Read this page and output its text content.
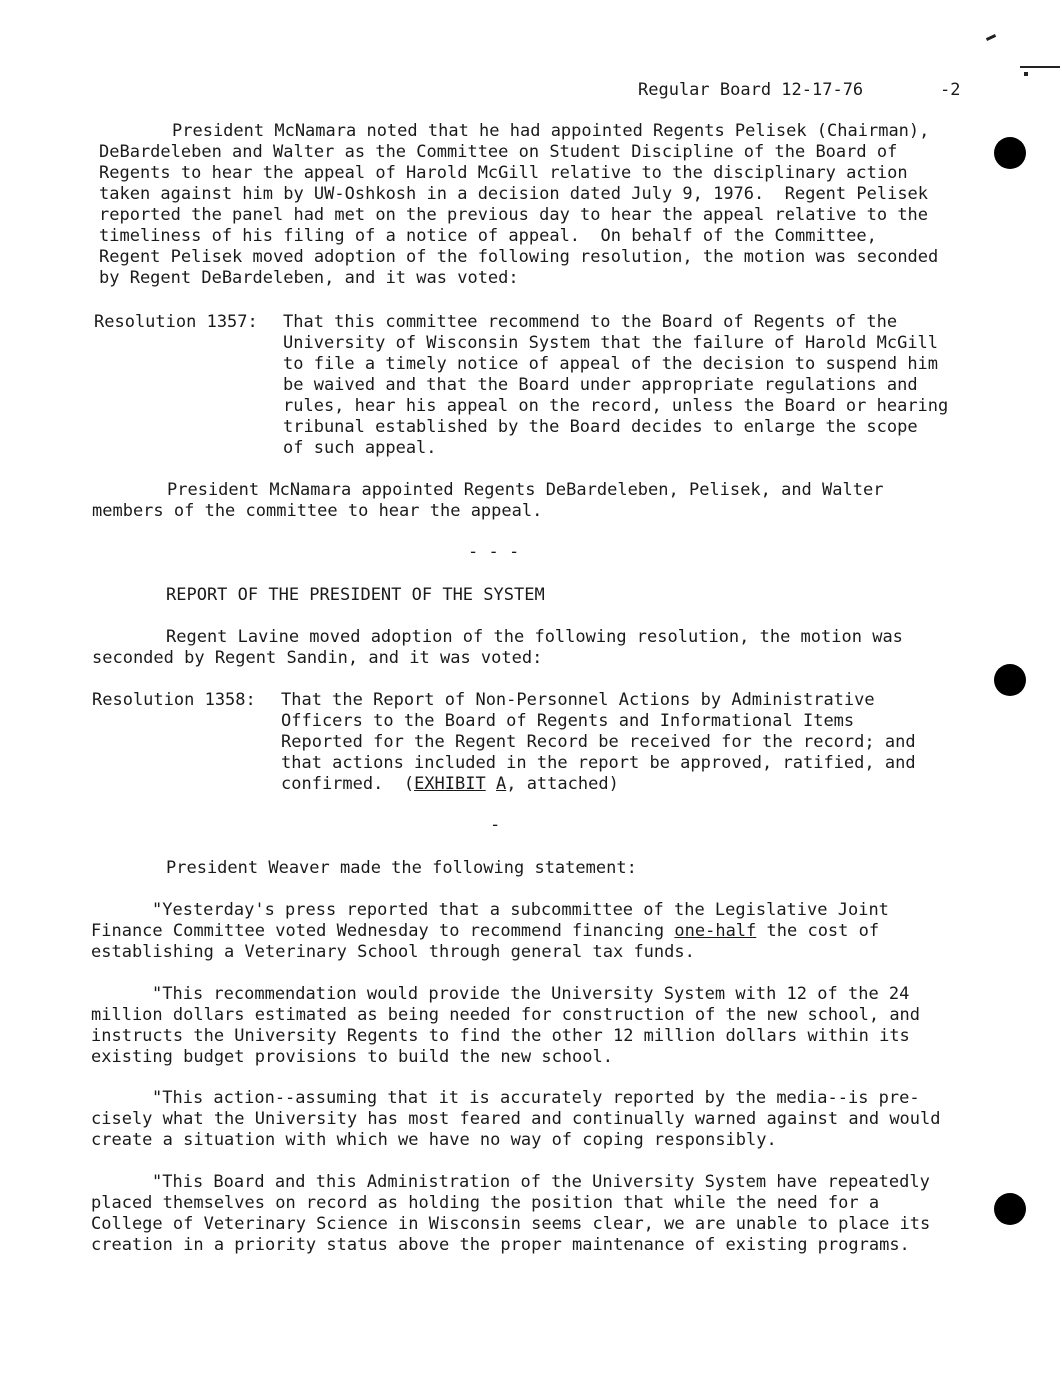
Regular Board 12-17-76	-2
President McNamara noted that he had appointed Regents Pelisek (Chairman),
DeBardeleben and Walter as the Committee on Student Discipline of the Board of
Regents to hear the appeal of Harold McGill relative to the disciplinary action
taken against him by UW-Oshkosh in a decision dated July 9, 1976.  Regent Pelisek
reported the panel had met on the previous day to hear the appeal relative to the
timeliness of his filing of a notice of appeal.  On behalf of the Committee,
Regent Pelisek moved adoption of the following resolution, the motion was seconded
by Regent DeBardeleben, and it was voted:
Resolution 1357: That this committee recommend to the Board of Regents of the
University of Wisconsin System that the failure of Harold McGill
to file a timely notice of appeal of the decision to suspend him
be waived and that the Board under appropriate regulations and
rules, hear his appeal on the record, unless the Board or hearing
tribunal established by the Board decides to enlarge the scope
of such appeal.
President McNamara appointed Regents DeBardeleben, Pelisek, and Walter
members of the committee to hear the appeal.
- - -
REPORT OF THE PRESIDENT OF THE SYSTEM
Regent Lavine moved adoption of the following resolution, the motion was
seconded by Regent Sandin, and it was voted:
Resolution 1358: That the Report of Non-Personnel Actions by Administrative
Officers to the Board of Regents and Informational Items
Reported for the Regent Record be received for the record; and
that actions included in the report be approved, ratified, and
confirmed.  (EXHIBIT A, attached)
-
President Weaver made the following statement:
"Yesterday's press reported that a subcommittee of the Legislative Joint
Finance Committee voted Wednesday to recommend financing one-half the cost of
establishing a Veterinary School through general tax funds.
"This recommendation would provide the University System with 12 of the 24
million dollars estimated as being needed for construction of the new school, and
instructs the University Regents to find the other 12 million dollars within its
existing budget provisions to build the new school.
"This action--assuming that it is accurately reported by the media--is pre-
cisely what the University has most feared and continually warned against and would
create a situation with which we have no way of coping responsibly.
"This Board and this Administration of the University System have repeatedly
placed themselves on record as holding the position that while the need for a
College of Veterinary Science in Wisconsin seems clear, we are unable to place its
creation in a priority status above the proper maintenance of existing programs.
